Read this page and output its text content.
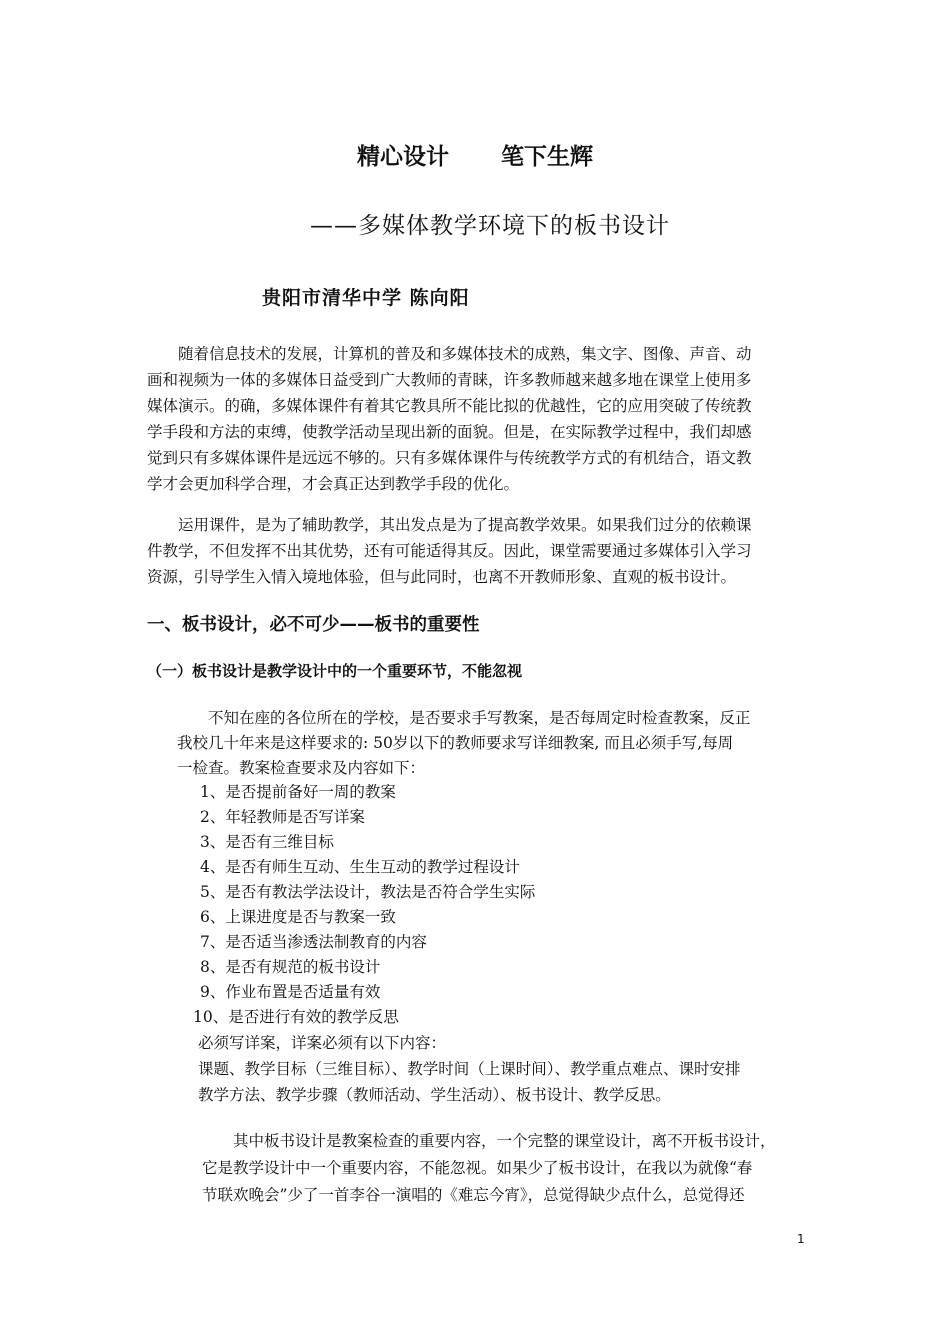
精心设计 笔下生辉
——多媒体教学环境下的板书设计
贵阳市清华中学 陈向阳
　　随着信息技术的发展，计算机的普及和多媒体技术的成熟，集文字、图像、声音、动
画和视频为一体的多媒体日益受到广大教师的青睐，许多教师越来越多地在课堂上使用多
媒体演示。的确，多媒体课件有着其它教具所不能比拟的优越性，它的应用突破了传统教
学手段和方法的束缚，使教学活动呈现出新的面貌。但是，在实际教学过程中，我们却感
觉到只有多媒体课件是远远不够的。只有多媒体课件与传统教学方式的有机结合，语文教
学才会更加科学合理，才会真正达到教学手段的优化。
　　运用课件，是为了辅助教学，其出发点是为了提高教学效果。如果我们过分的依赖课
件教学，不但发挥不出其优势，还有可能适得其反。因此，课堂需要通过多媒体引入学习
资源，引导学生入情入境地体验，但与此同时，也离不开教师形象、直观的板书设计。
一、板书设计，必不可少——板书的重要性
（一）板书设计是教学设计中的一个重要环节，不能忽视
　　不知在座的各位所在的学校，是否要求手写教案，是否每周定时检查教案，反正
我校几十年来是这样要求的: 50岁以下的教师要求写详细教案, 而且必须手写,每周
一检查。教案检查要求及内容如下：
1、是否提前备好一周的教案
2、年轻教师是否写详案
3、是否有三维目标
4、是否有师生互动、生生互动的教学过程设计
5、是否有教法学法设计，教法是否符合学生实际
6、上课进度是否与教案一致
7、是否适当渗透法制教育的内容
8、是否有规范的板书设计
9、作业布置是否适量有效
10、是否进行有效的教学反思
必须写详案，详案必须有以下内容：
课题、教学目标（三维目标）、教学时间（上课时间）、教学重点难点、课时安排
教学方法、教学步骤（教师活动、学生活动）、板书设计、教学反思。
　　其中板书设计是教案检查的重要内容，一个完整的课堂设计，离不开板书设计，
它是教学设计中一个重要内容，不能忽视。如果少了板书设计，在我以为就像“春
节联欢晚会”少了一首李谷一演唱的《难忘今宵》，总觉得缺少点什么，总觉得还
1
